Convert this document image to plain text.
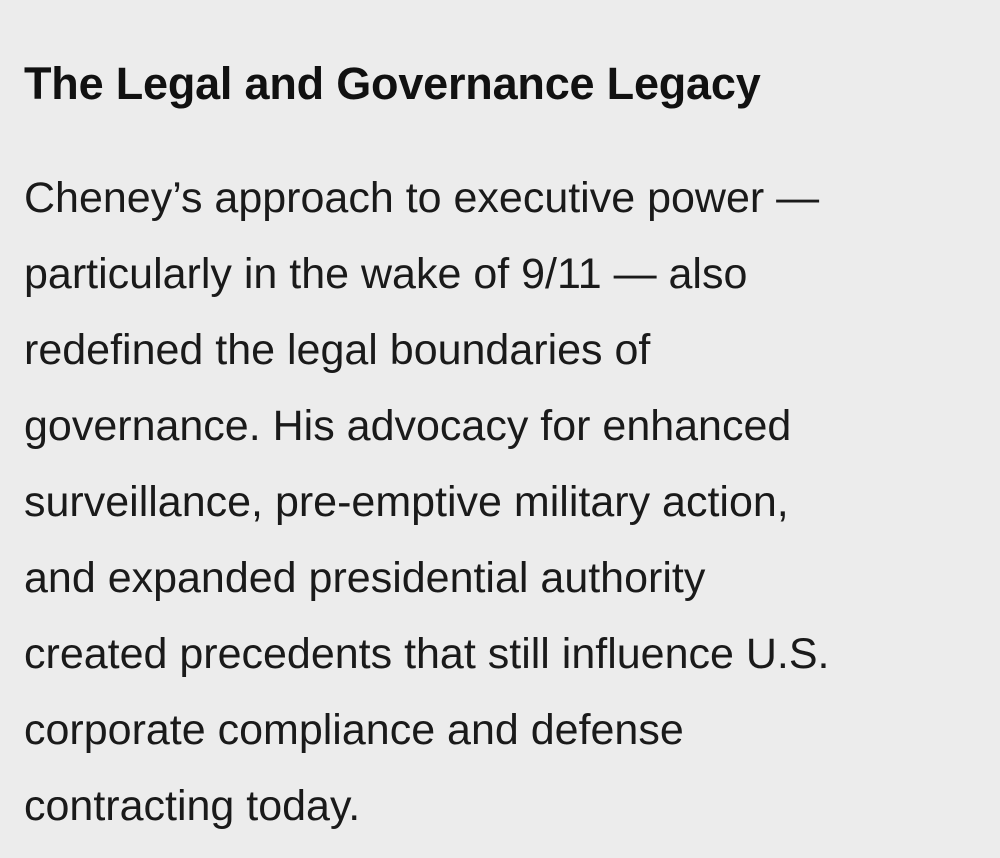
The Legal and Governance Legacy

Cheney’s approach to executive power —
particularly in the wake of 9/11 — also
redefined the legal boundaries of
governance. His advocacy for enhanced
surveillance, pre-emptive military action,
and expanded presidential authority
created precedents that still influence U.S.
corporate compliance and defense
contracting today.
